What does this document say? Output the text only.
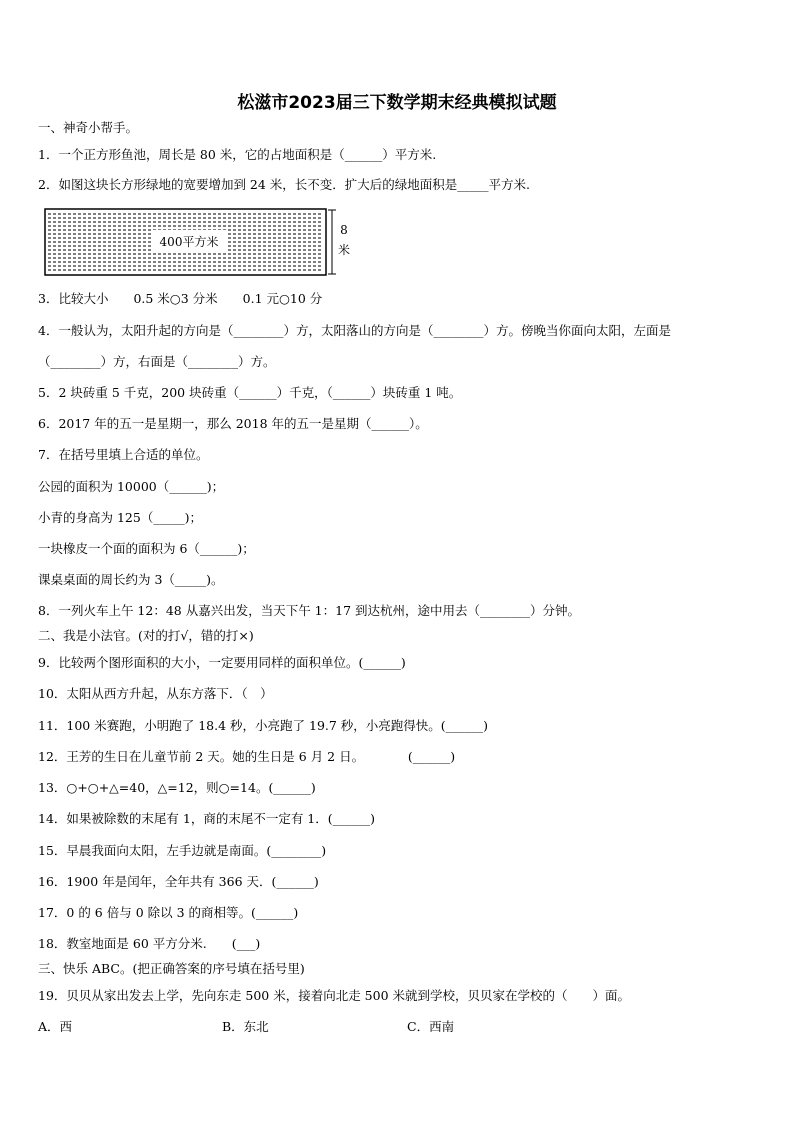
松滋市2023届三下数学期末经典模拟试题
一、神奇小帮手。
1．一个正方形鱼池，周长是 80 米，它的占地面积是（______）平方米.
2．如图这块长方形绿地的宽要增加到 24 米，长不变．扩大后的绿地面积是_____平方米.
400平方米
8
米
3．比较大小　　0.5 米○3 分米　　0.1 元○10 分
4．一般认为，太阳升起的方向是（________）方，太阳落山的方向是（________）方。傍晚当你面向太阳，左面是
（________）方，右面是（________）方。
5．2 块砖重 5 千克，200 块砖重（______）千克，（______）块砖重 1 吨。
6．2017 年的五一是星期一，那么 2018 年的五一是星期（______）。
7．在括号里填上合适的单位。
公园的面积为 10000（______)；
小青的身高为 125（_____)；
一块橡皮一个面的面积为 6（______)；
课桌桌面的周长约为 3（_____)。
8．一列火车上午 12：48 从嘉兴出发，当天下午 1：17 到达杭州，途中用去（________）分钟。
二、我是小法官。(对的打√，错的打×)
9．比较两个图形面积的大小，一定要用同样的面积单位。(______)
10．太阳从西方升起，从东方落下．（　）
11．100 米赛跑，小明跑了 18.4 秒，小亮跑了 19.7 秒，小亮跑得快。(______)
12．王芳的生日在儿童节前 2 天。她的生日是 6 月 2 日。　　　　(______)
13．○+○+△=40，△=12，则○=14。(______)
14．如果被除数的末尾有 1，商的末尾不一定有 1．(______)
15．早晨我面向太阳，左手边就是南面。(________)
16．1900 年是闰年，全年共有 366 天．(______)
17．0 的 6 倍与 0 除以 3 的商相等。(______)
18．教室地面是 60 平方分米.　　(___)
三、快乐 ABC。(把正确答案的序号填在括号里)
19．贝贝从家出发去上学，先向东走 500 米，接着向北走 500 米就到学校，贝贝家在学校的（　　）面。
A．西	B．东北	C．西南
